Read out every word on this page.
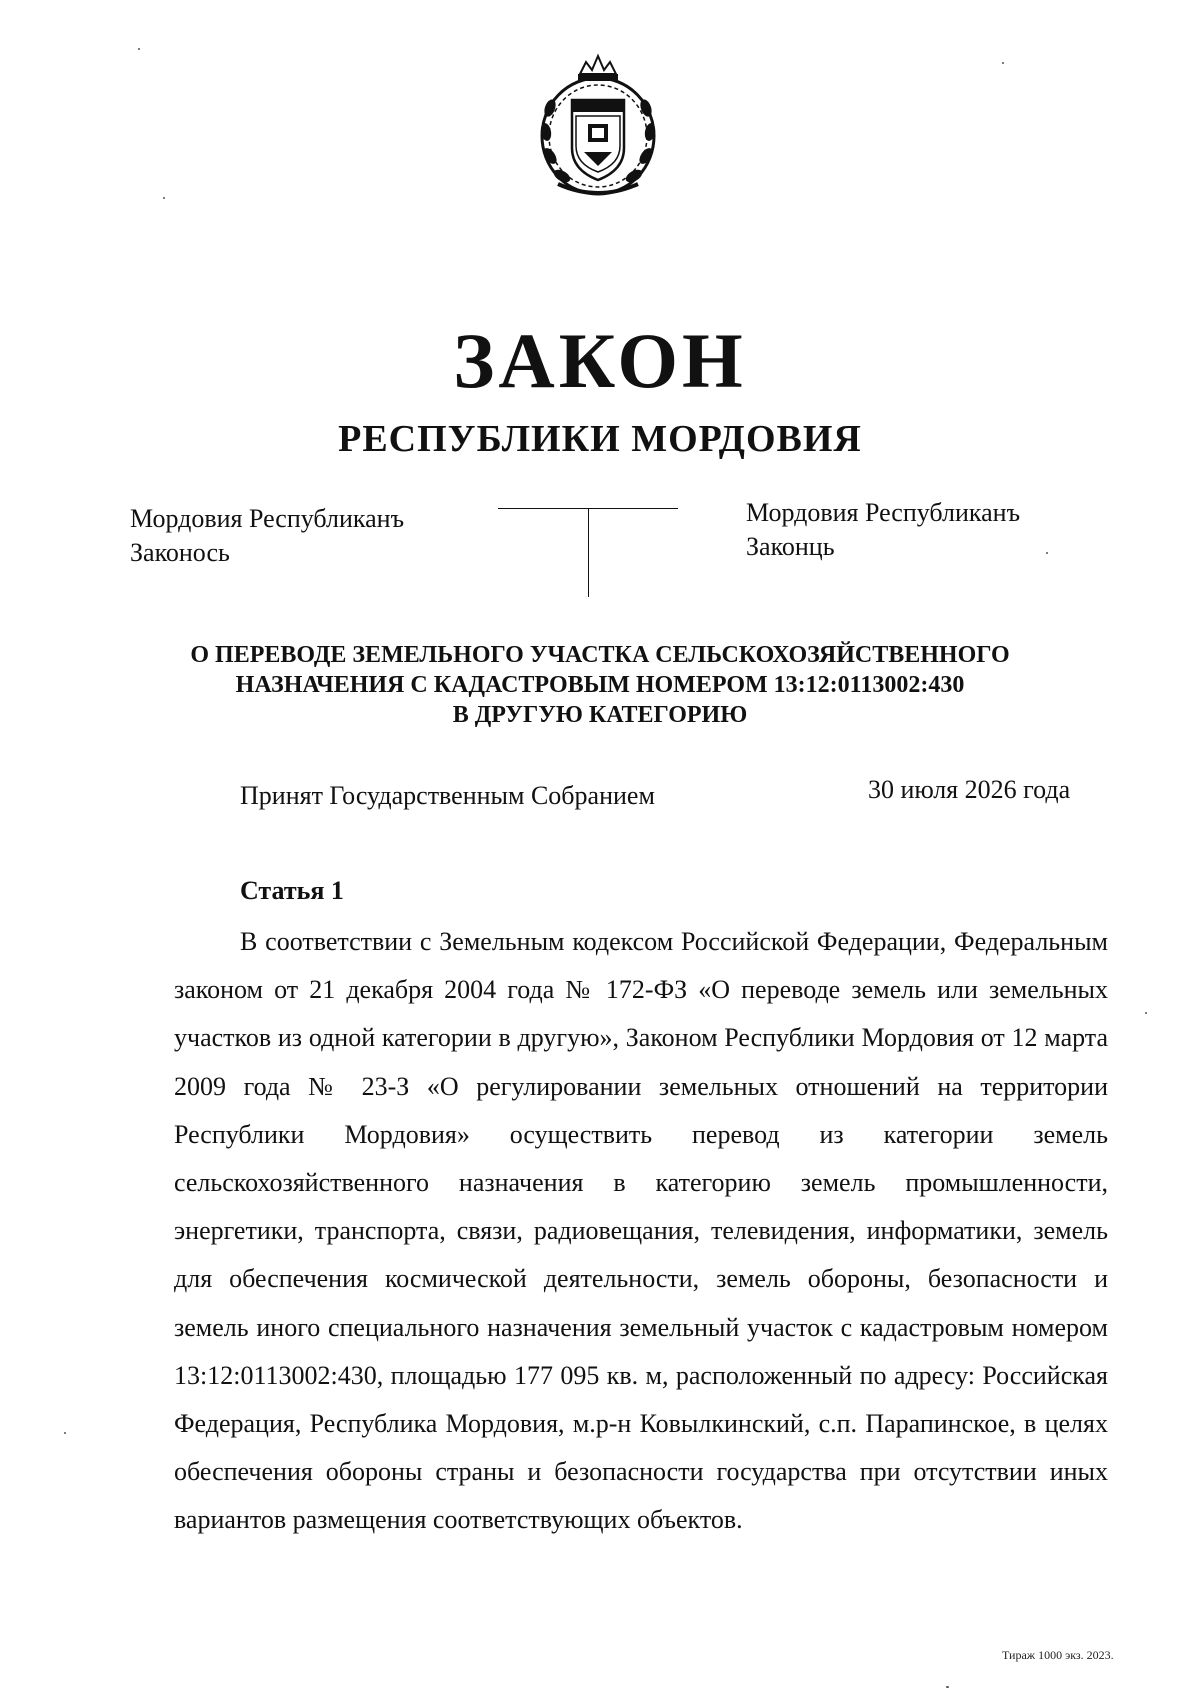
ЗАКОН
РЕСПУБЛИКИ МОРДОВИЯ
Мордовия Республиканъ
Законось
Мордовия Республиканъ
Законць
О ПЕРЕВОДЕ ЗЕМЕЛЬНОГО УЧАСТКА СЕЛЬСКОХОЗЯЙСТВЕННОГО
НАЗНАЧЕНИЯ С КАДАСТРОВЫМ НОМЕРОМ 13:12:0113002:430
В ДРУГУЮ КАТЕГОРИЮ
Принят Государственным Собранием	30 июля 2026 года
Статья 1
В соответствии с Земельным кодексом Российской Федерации, Федеральным законом от 21 декабря 2004 года № 172-ФЗ «О переводе земель или земельных участков из одной категории в другую», Законом Республики Мордовия от 12 марта 2009 года № 23-З «О регулировании земельных отношений на территории Республики Мордовия» осуществить перевод из категории земель сельскохозяйственного назначения в категорию земель промышленности, энергетики, транспорта, связи, радиовещания, телевидения, информатики, земель для обеспечения космической деятельности, земель обороны, безопасности и земель иного специального назначения земельный участок с кадастровым номером 13:12:0113002:430, площадью 177 095 кв. м, расположенный по адресу: Российская Федерация, Республика Мордовия, м.р-н Ковылкинский, с.п. Парапинское, в целях обеспечения обороны страны и безопасности государства при отсутствии иных вариантов размещения соответствующих объектов.
Тираж 1000 экз. 2023.
